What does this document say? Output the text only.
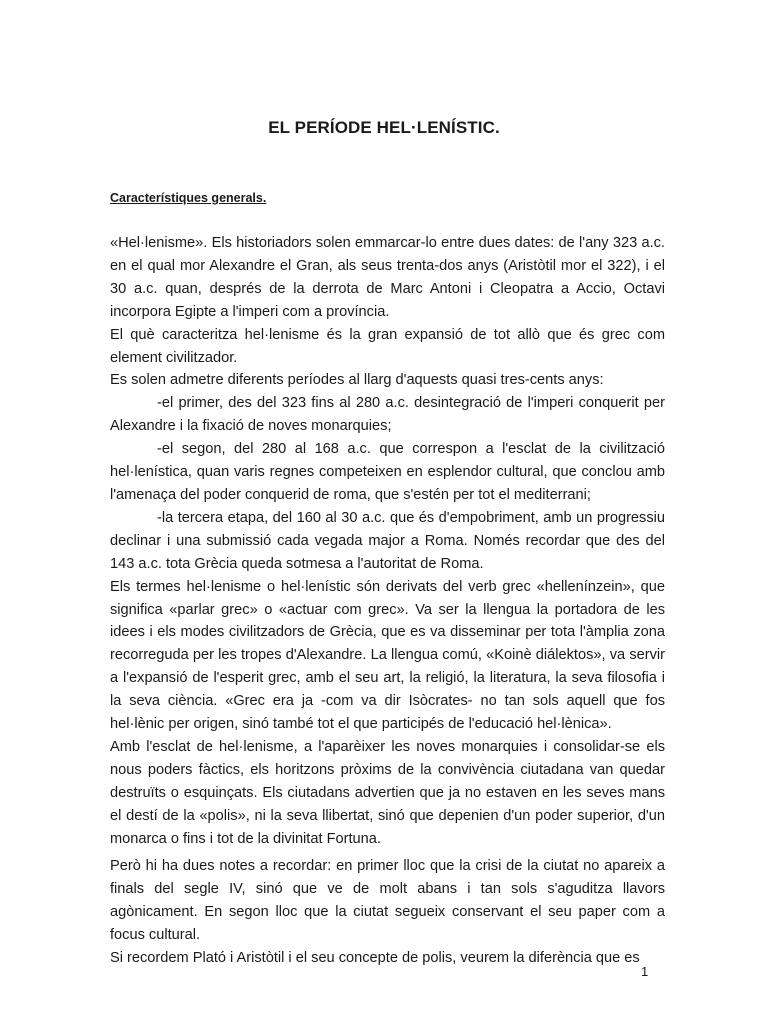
EL PERÍODE HEL·LENÍSTIC.
Característiques generals.

«Hel·lenisme». Els historiadors solen emmarcar-lo entre dues dates: de l'any 323 a.c. en el qual mor Alexandre el Gran, als seus trenta-dos anys (Aristòtil mor el 322), i el 30 a.c. quan, després de la derrota de Marc Antoni i Cleopatra a Accio, Octavi incorpora Egipte a l'imperi com a província.

El què caracteritza hel·lenisme és la gran expansió de tot allò que és grec com element civilitzador.

Es solen admetre diferents períodes al llarg d'aquests quasi tres-cents anys:

-el primer, des del 323 fins al 280 a.c. desintegració de l'imperi conquerit per Alexandre i la fixació de noves monarquies;

-el segon, del 280 al 168 a.c. que correspon a l'esclat de la civilització hel·lenística, quan varis regnes competeixen en esplendor cultural, que conclou amb l'amenaça del poder conquerid de roma, que s'estén per tot el mediterrani;

-la tercera etapa, del 160 al 30 a.c. que és d'empobriment, amb un progressiu declinar i una submissió cada vegada major a Roma. Només recordar que des del 143 a.c. tota Grècia queda sotmesa a l'autoritat de Roma.

Els termes hel·lenisme o hel·lenístic són derivats del verb grec «hellenínzein», que significa «parlar grec» o «actuar com grec». Va ser la llengua la portadora de les idees i els modes civilitzadors de Grècia, que es va disseminar per tota l'àmplia zona recorreguda per les tropes d'Alexandre. La llengua comú, «Koinè diálektos», va servir a l'expansió de l'esperit grec, amb el seu art, la religió, la literatura, la seva filosofia i la seva ciència. «Grec era ja -com va dir Isòcrates- no tan sols aquell que fos hel·lènic per origen, sinó també tot el que participés de l'educació hel·lènica».

Amb l'esclat de hel·lenisme, a l'aparèixer les noves monarquies i consolidar-se els nous poders fàctics, els horitzons pròxims de la convivència ciutadana van quedar destruïts o esquinçats. Els ciutadans advertien que ja no estaven en les seves mans el destí de la «polis», ni la seva llibertat, sinó que depenien d'un poder superior, d'un monarca o fins i tot de la divinitat Fortuna.

Però hi ha dues notes a recordar: en primer lloc que la crisi de la ciutat no apareix a finals del segle IV, sinó que ve de molt abans i tan sols s'aguditza llavors agònicament. En segon lloc que la ciutat segueix conservant el seu paper com a focus cultural.

Si recordem Plató i Aristòtil i el seu concepte de polis, veurem la diferència que es

1
